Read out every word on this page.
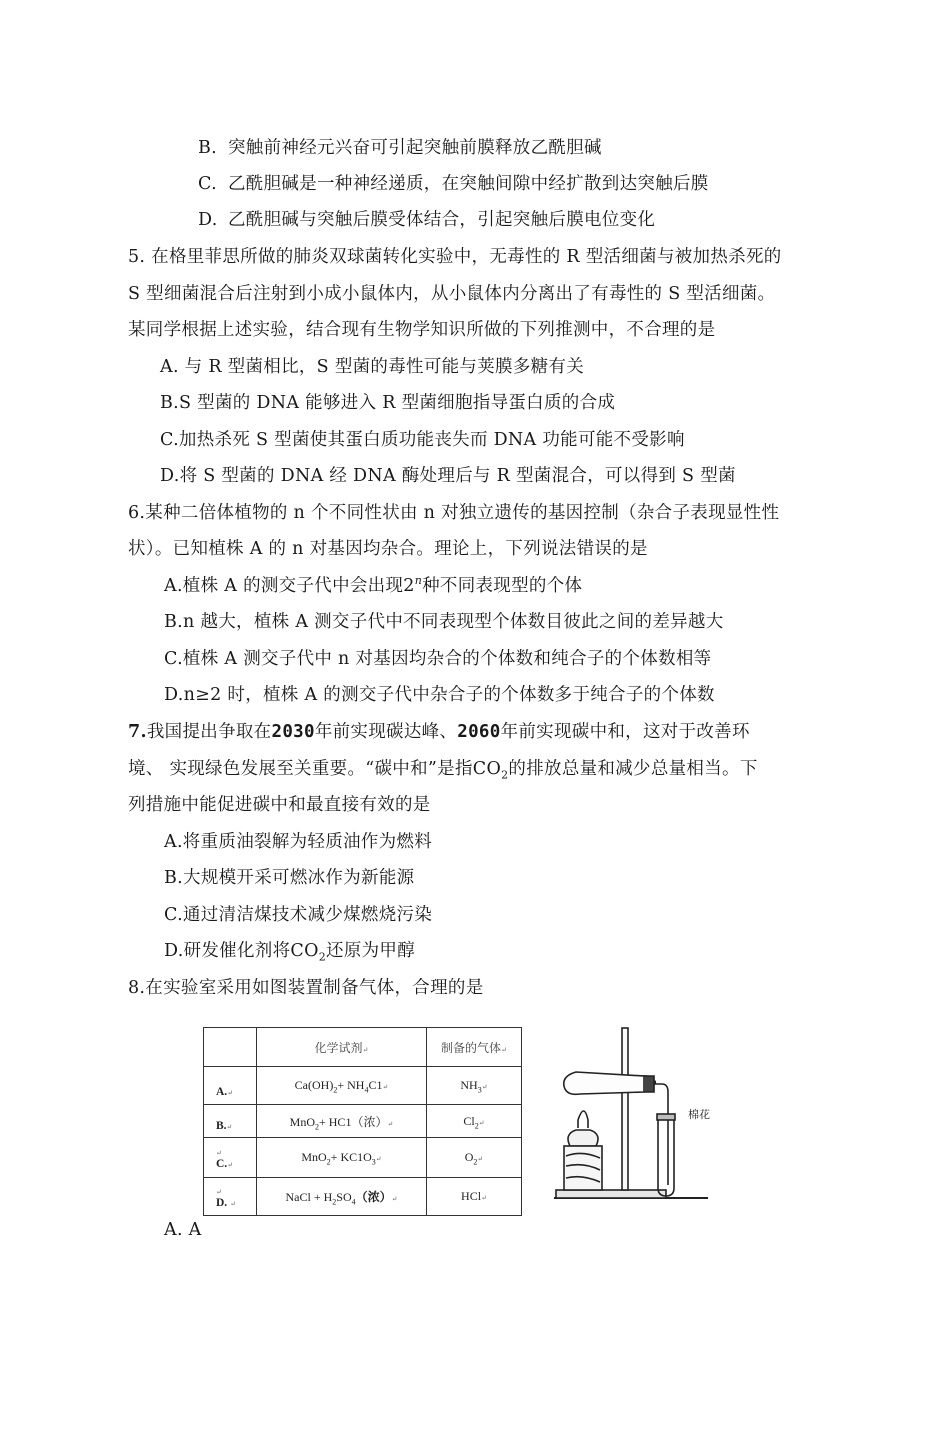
B. 突触前神经元兴奋可引起突触前膜释放乙酰胆碱
C. 乙酰胆碱是一种神经递质，在突触间隙中经扩散到达突触后膜
D. 乙酰胆碱与突触后膜受体结合，引起突触后膜电位变化
5. 在格里菲思所做的肺炎双球菌转化实验中，无毒性的 R 型活细菌与被加热杀死的
S 型细菌混合后注射到小成小鼠体内，从小鼠体内分离出了有毒性的 S 型活细菌。
某同学根据上述实验，结合现有生物学知识所做的下列推测中，不合理的是
A. 与 R 型菌相比，S 型菌的毒性可能与荚膜多糖有关
B.S 型菌的 DNA 能够进入 R 型菌细胞指导蛋白质的合成
C.加热杀死 S 型菌使其蛋白质功能丧失而 DNA 功能可能不受影响
D.将 S 型菌的 DNA 经 DNA 酶处理后与 R 型菌混合，可以得到 S 型菌
6.某种二倍体植物的 n 个不同性状由 n 对独立遗传的基因控制（杂合子表现显性性
状）。已知植株 A 的 n 对基因均杂合。理论上，下列说法错误的是
A.植株 A 的测交子代中会出现2$^n$种不同表现型的个体
B.n 越大，植株 A 测交子代中不同表现型个体数目彼此之间的差异越大
C.植株 A 测交子代中 n 对基因均杂合的个体数和纯合子的个体数相等
D.n≥2 时，植株 A 的测交子代中杂合子的个体数多于纯合子的个体数
7.我国提出争取在2030年前实现碳达峰、2060年前实现碳中和，这对于改善环
境、 实现绿色发展至关重要。“碳中和”是指$CO_2$的排放总量和减少总量相当。下
列措施中能促进碳中和最直接有效的是
A.将重质油裂解为轻质油作为燃料
B.大规模开采可燃冰作为新能源
C.通过清洁煤技术减少煤燃烧污染
D.研发催化剂将$CO_2$还原为甲醇
8.在实验室采用如图装置制备气体，合理的是
	化学试剂↵	制备的气体↵
A.↵	$Ca(OH)_2+$ $NH_4C1↵$	$NH_3↵$
B.↵	MnO$_2$+ HC1（浓）↵	$Cl_2↵$
↵
C.↵	$MnO_2+ KC1O_3↵$	$O_2↵$
↵
D. ↵	NaCl + $H_2SO_4$（浓）↵	HCl↵
棉花
A. A
